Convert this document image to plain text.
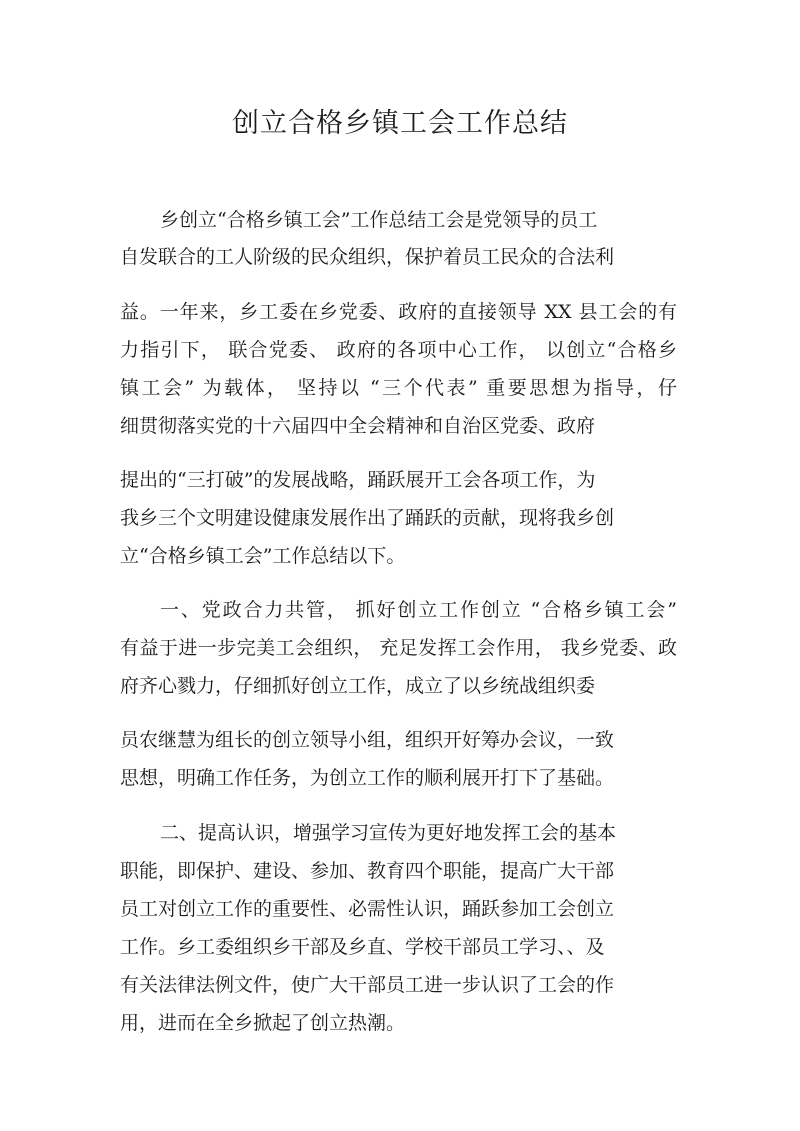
创立合格乡镇工会工作总结

乡创立“合格乡镇工会”工作总结工会是党领导的员工

自发联合的工人阶级的民众组织，保护着员工民众的合法利

益。一年来，乡工委在乡党委、政府的直接领导 XX 县工会的有

力指引下， 联合党委、 政府的各项中心工作， 以创立“合格乡

镇工会” 为载体， 坚持以 “三个代表” 重要思想为指导，仔

细贯彻落实党的十六届四中全会精神和自治区党委、政府

提出的“三打破”的发展战略，踊跃展开工会各项工作，为

我乡三个文明建设健康发展作出了踊跃的贡献，现将我乡创

立“合格乡镇工会”工作总结以下。

一、党政合力共管， 抓好创立工作创立 “合格乡镇工会”

有益于进一步完美工会组织， 充足发挥工会作用， 我乡党委、政

府齐心戮力，仔细抓好创立工作，成立了以乡统战组织委

员农继慧为组长的创立领导小组，组织开好筹办会议，一致

思想，明确工作任务，为创立工作的顺利展开打下了基础。

二、提高认识，增强学习宣传为更好地发挥工会的基本

职能，即保护、建设、参加、教育四个职能，提高广大干部

员工对创立工作的重要性、必需性认识，踊跃参加工会创立

工作。乡工委组织乡干部及乡直、学校干部员工学习、、及

有关法律法例文件，使广大干部员工进一步认识了工会的作

用，进而在全乡掀起了创立热潮。
